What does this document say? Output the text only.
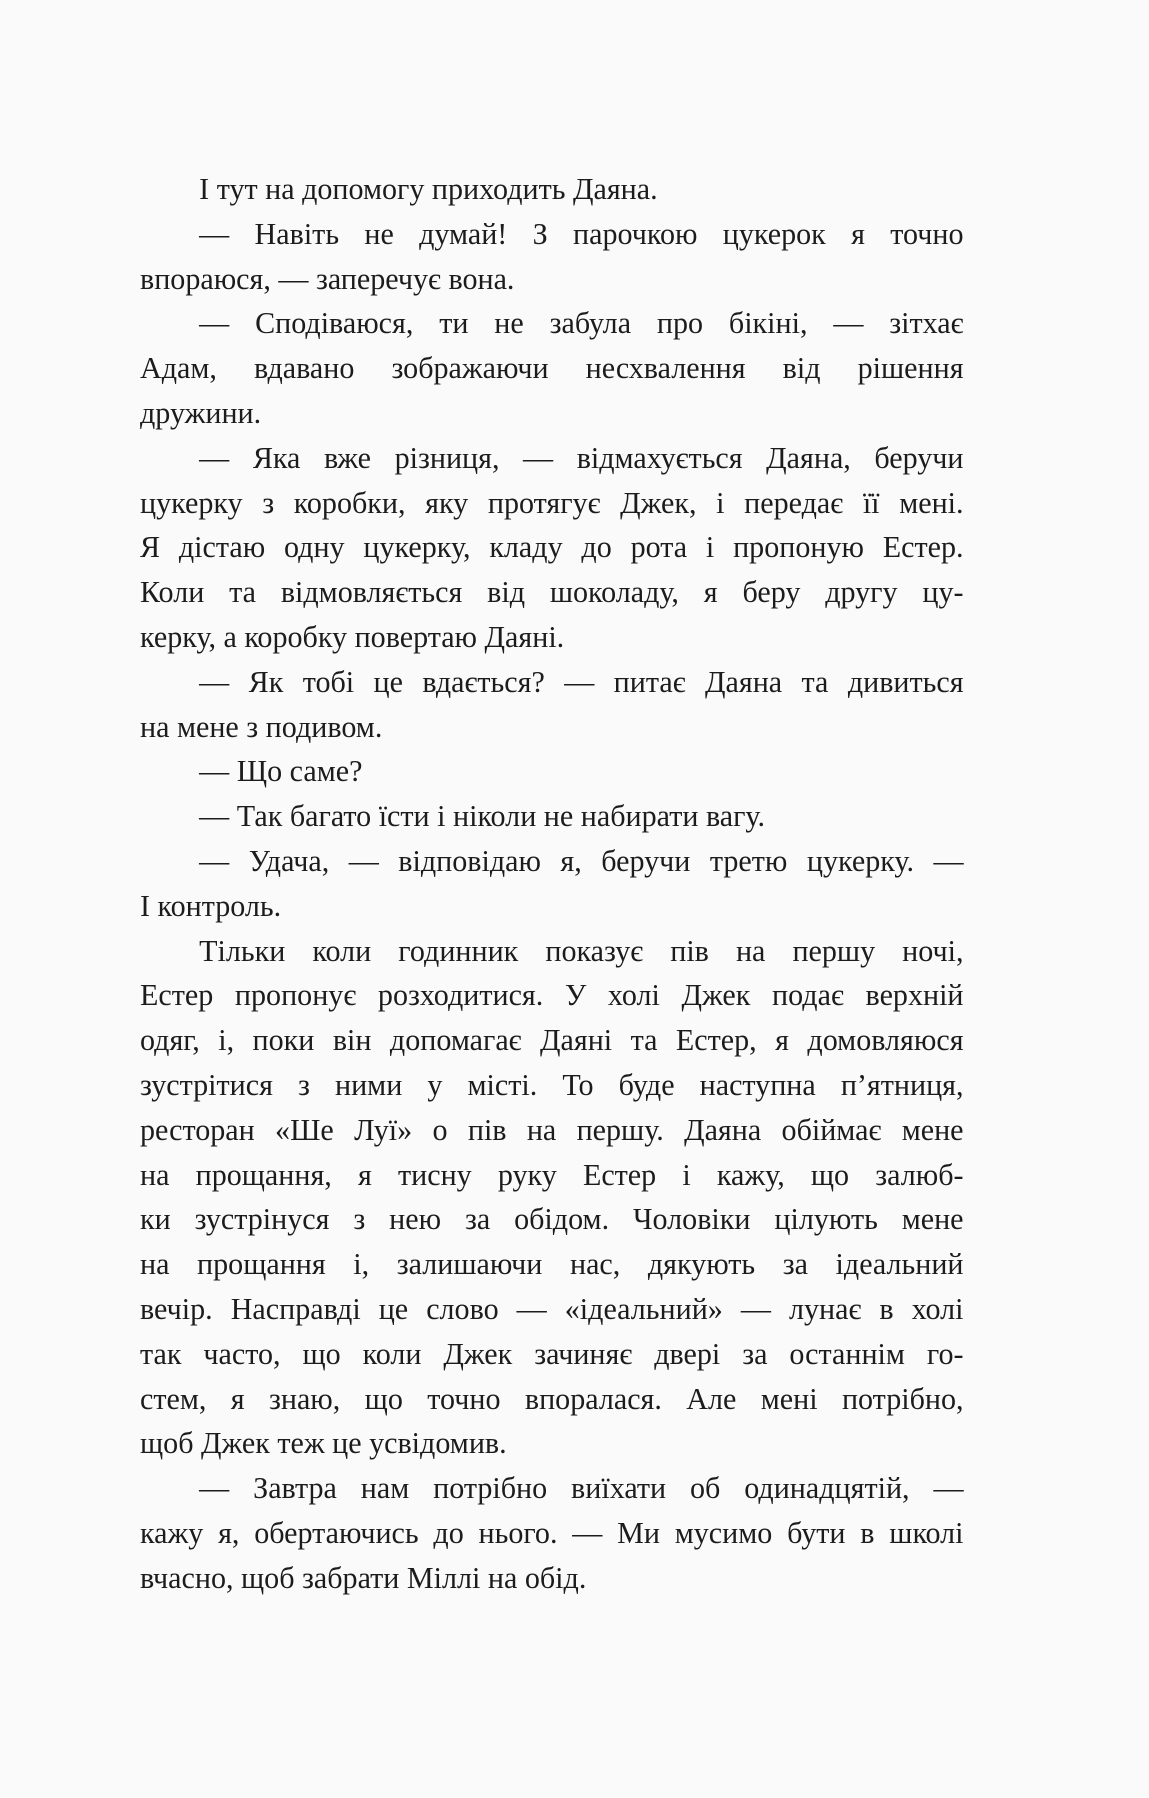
І тут на допомогу приходить Даяна.
— Навіть не думай! З парочкою цукерок я точно
впораюся, — заперечує вона.
— Сподіваюся, ти не забула про бікіні, — зітхає
Адам, вдавано зображаючи несхвалення від рішення
дружини.
— Яка вже різниця, — відмахується Даяна, беручи
цукерку з коробки, яку протягує Джек, і передає її мені.
Я дістаю одну цукерку, кладу до рота і пропоную Естер.
Коли та відмовляється від шоколаду, я беру другу цу-
керку, а коробку повертаю Даяні.
— Як тобі це вдається? — питає Даяна та дивиться
на мене з подивом.
— Що саме?
— Так багато їсти і ніколи не набирати вагу.
— Удача, — відповідаю я, беручи третю цукерку. —
І контроль.
Тільки коли годинник показує пів на першу ночі,
Естер пропонує розходитися. У холі Джек подає верхній
одяг, і, поки він допомагає Даяні та Естер, я домовляюся
зустрітися з ними у місті. То буде наступна п’ятниця,
ресторан «Ше Луї» о пів на першу. Даяна обіймає мене
на прощання, я тисну руку Естер і кажу, що залюб-
ки зустрінуся з нею за обідом. Чоловіки цілують мене
на прощання і, залишаючи нас, дякують за ідеальний
вечір. Насправді це слово — «ідеальний» — лунає в холі
так часто, що коли Джек зачиняє двері за останнім го-
стем, я знаю, що точно впоралася. Але мені потрібно,
щоб Джек теж це усвідомив.
— Завтра нам потрібно виїхати об одинадцятій, —
кажу я, обертаючись до нього. — Ми мусимо бути в школі
вчасно, щоб забрати Міллі на обід.
